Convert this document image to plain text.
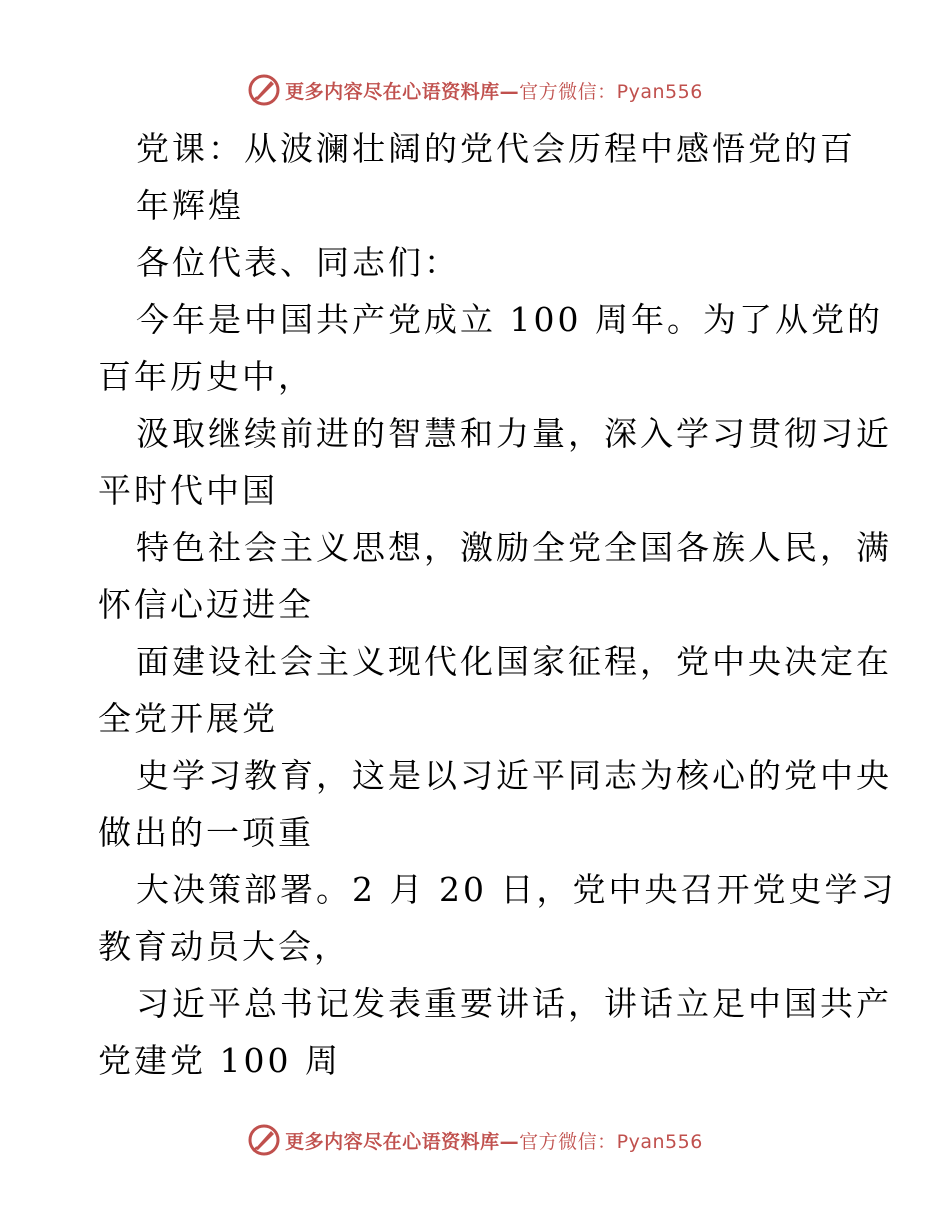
更多内容尽在心语资料库—官方微信：Pyan556
党课：从波澜壮阔的党代会历程中感悟党的百
年辉煌
各位代表、同志们：
今年是中国共产党成立 100 周年。为了从党的
百年历史中，
汲取继续前进的智慧和力量，深入学习贯彻习近
平时代中国
特色社会主义思想，激励全党全国各族人民，满
怀信心迈进全
面建设社会主义现代化国家征程，党中央决定在
全党开展党
史学习教育，这是以习近平同志为核心的党中央
做出的一项重
大决策部署。2 月 20 日，党中央召开党史学习
教育动员大会，
习近平总书记发表重要讲话，讲话立足中国共产
党建党 100 周
更多内容尽在心语资料库—官方微信：Pyan556
